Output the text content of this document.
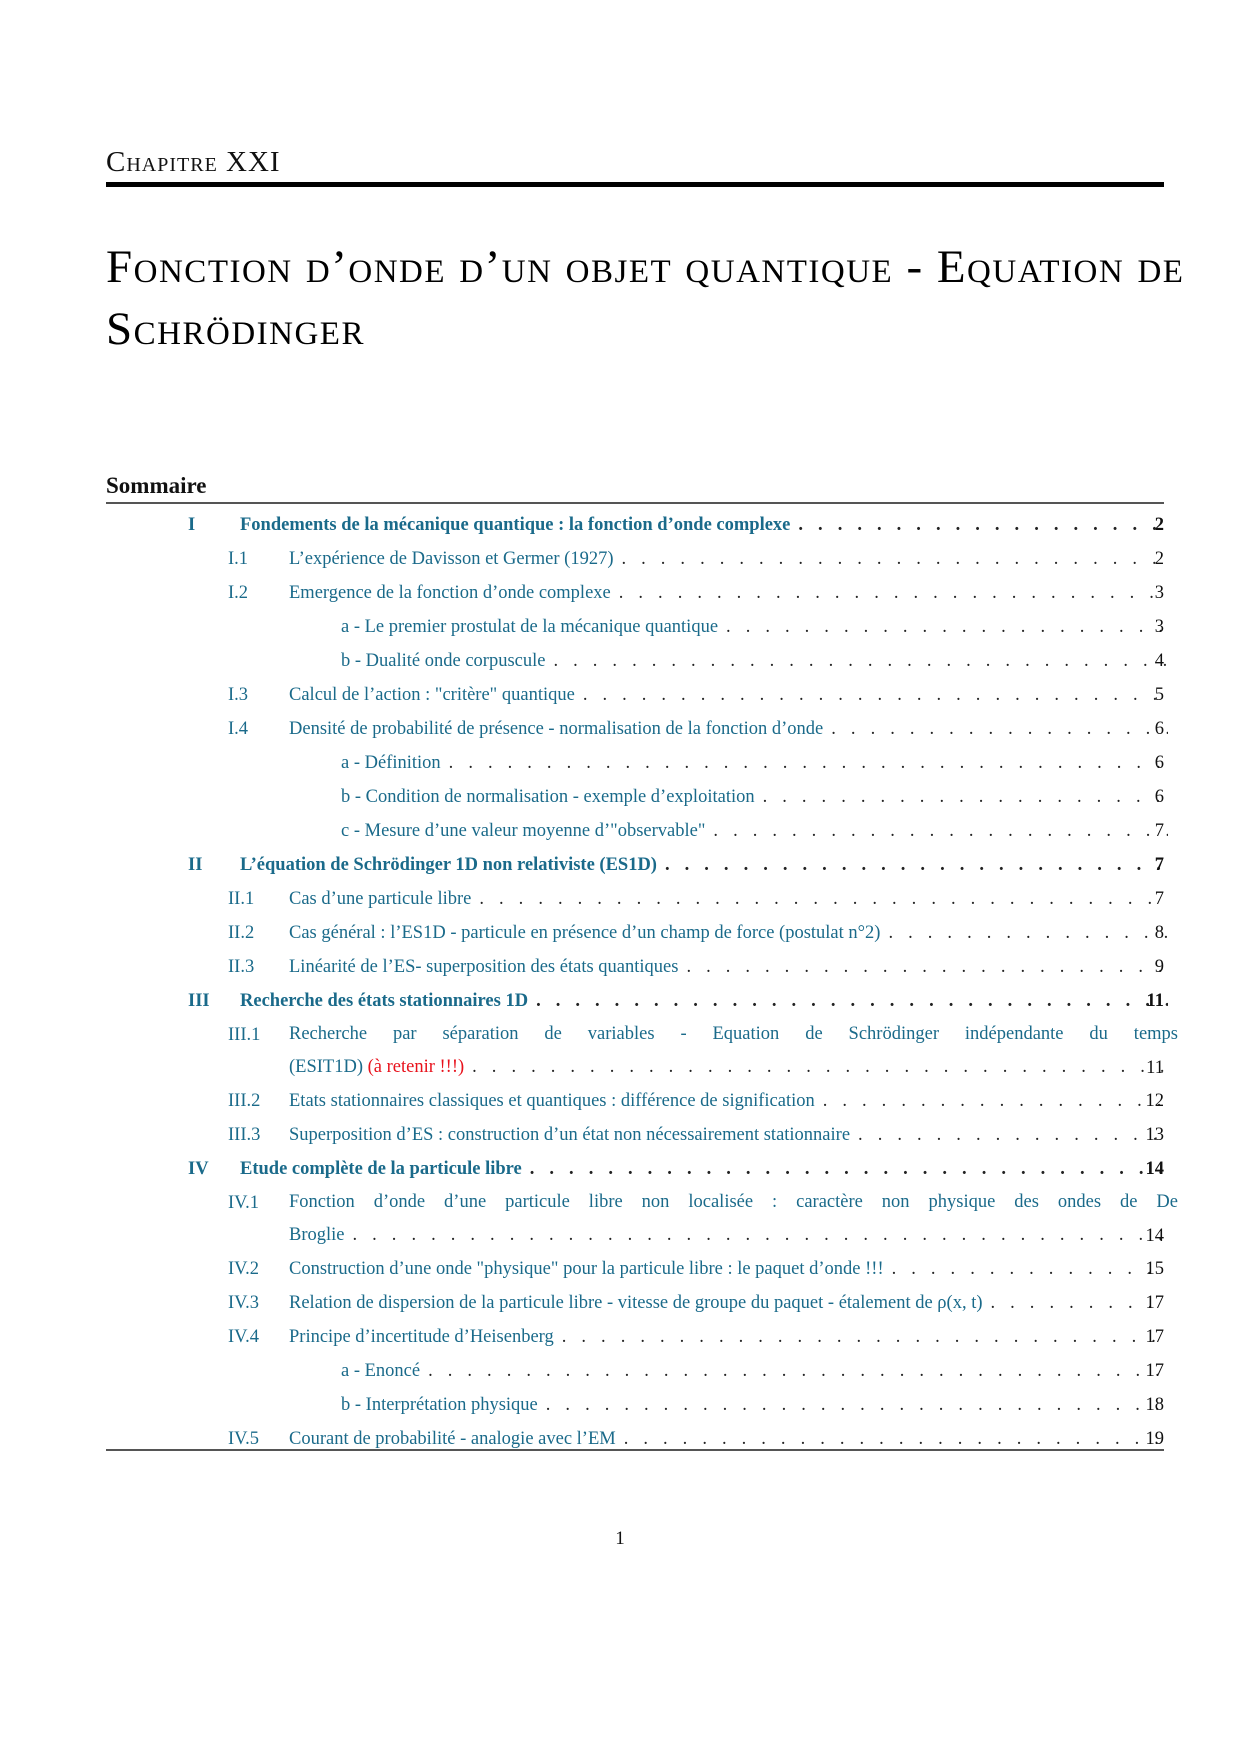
Chapitre XXI
Fonction d’onde d’un objet quantique - Equation de Schrödinger
Sommaire
I Fondements de la mécanique quantique : la fonction d’onde complexe . . .	2
I.1 L’expérience de Davisson et Germer (1927) . . .	2
I.2 Emergence de la fonction d’onde complexe . . .	3
a - Le premier prostulat de la mécanique quantique . . .	3
b - Dualité onde corpuscule . . .	4
I.3 Calcul de l’action : "critère" quantique . . .	5
I.4 Densité de probabilité de présence - normalisation de la fonction d’onde . . .	6
a - Définition . . .	6
b - Condition de normalisation - exemple d’exploitation . . .	6
c - Mesure d’une valeur moyenne d’"observable" . . .	7
II L’équation de Schrödinger 1D non relativiste (ES1D) . . .	7
II.1 Cas d’une particule libre . . .	7
II.2 Cas général : l’ES1D - particule en présence d’un champ de force (postulat n°2) . . .	8
II.3 Linéarité de l’ES- superposition des états quantiques . . .	9
III Recherche des états stationnaires 1D . . .	11
III.1 Recherche par séparation de variables - Equation de Schrödinger indépendante du temps
(ESIT1D)
(à retenir !!!) . . .	11
III.2 Etats stationnaires classiques et quantiques : différence de signification . . .	12
III.3 Superposition d’ES : construction d’un état non nécessairement stationnaire . . .	13
IV Etude complète de la particule libre . . .	14
IV.1 Fonction d’onde d’une particule libre non localisée : caractère non physique des ondes de De
Broglie . . .	14
IV.2 Construction d’une onde "physique" pour la particule libre : le paquet d’onde !!! . . .	15
IV.3 Relation de dispersion de la particule libre - vitesse de groupe du paquet - étalement de ρ(x, t) . . .	17
IV.4 Principe d’incertitude d’Heisenberg . . .	17
a - Enoncé . . .	17
b - Interprétation physique . . .	18
IV.5 Courant de probabilité - analogie avec l’EM . . .	19
1
